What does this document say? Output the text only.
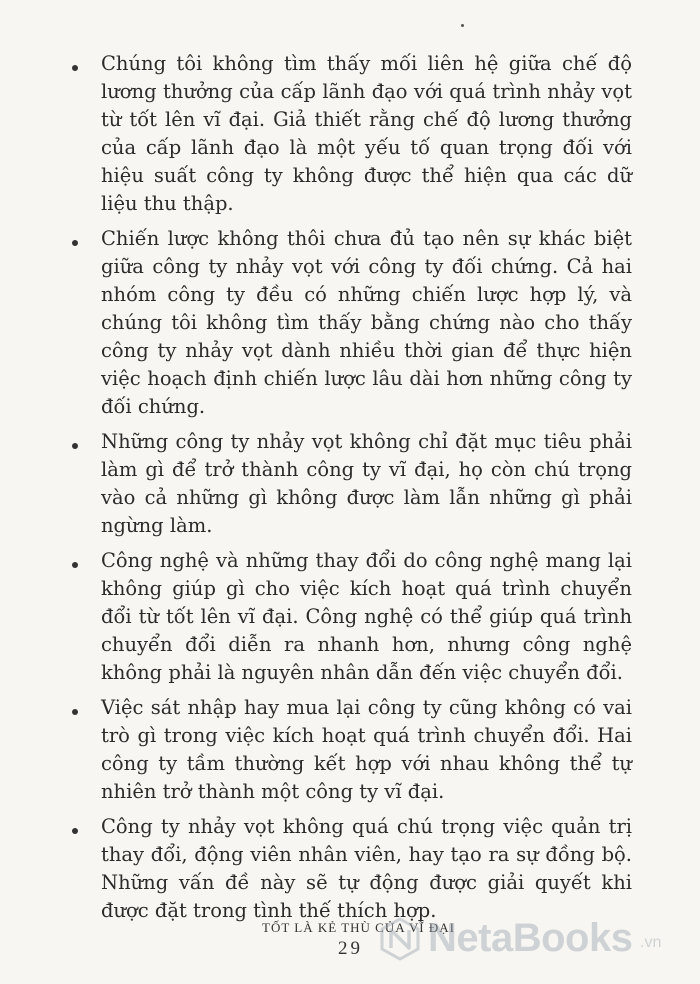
Chúng tôi không tìm thấy mối liên hệ giữa chế độ lương thưởng của cấp lãnh đạo với quá trình nhảy vọt từ tốt lên vĩ đại. Giả thiết rằng chế độ lương thưởng của cấp lãnh đạo là một yếu tố quan trọng đối với hiệu suất công ty không được thể hiện qua các dữ liệu thu thập.
Chiến lược không thôi chưa đủ tạo nên sự khác biệt giữa công ty nhảy vọt với công ty đối chứng. Cả hai nhóm công ty đều có những chiến lược hợp lý, và chúng tôi không tìm thấy bằng chứng nào cho thấy công ty nhảy vọt dành nhiều thời gian để thực hiện việc hoạch định chiến lược lâu dài hơn những công ty đối chứng.
Những công ty nhảy vọt không chỉ đặt mục tiêu phải làm gì để trở thành công ty vĩ đại, họ còn chú trọng vào cả những gì không được làm lẫn những gì phải ngừng làm.
Công nghệ và những thay đổi do công nghệ mang lại không giúp gì cho việc kích hoạt quá trình chuyển đổi từ tốt lên vĩ đại. Công nghệ có thể giúp quá trình chuyển đổi diễn ra nhanh hơn, nhưng công nghệ không phải là nguyên nhân dẫn đến việc chuyển đổi.
Việc sát nhập hay mua lại công ty cũng không có vai trò gì trong việc kích hoạt quá trình chuyển đổi. Hai công ty tầm thường kết hợp với nhau không thể tự nhiên trở thành một công ty vĩ đại.
Công ty nhảy vọt không quá chú trọng việc quản trị thay đổi, động viên nhân viên, hay tạo ra sự đồng bộ. Những vấn đề này sẽ tự động được giải quyết khi được đặt trong tình thế thích hợp.
TỐT LÀ KẺ THÙ CỦA VĨ ĐẠI
29 NetaBooks .vn
